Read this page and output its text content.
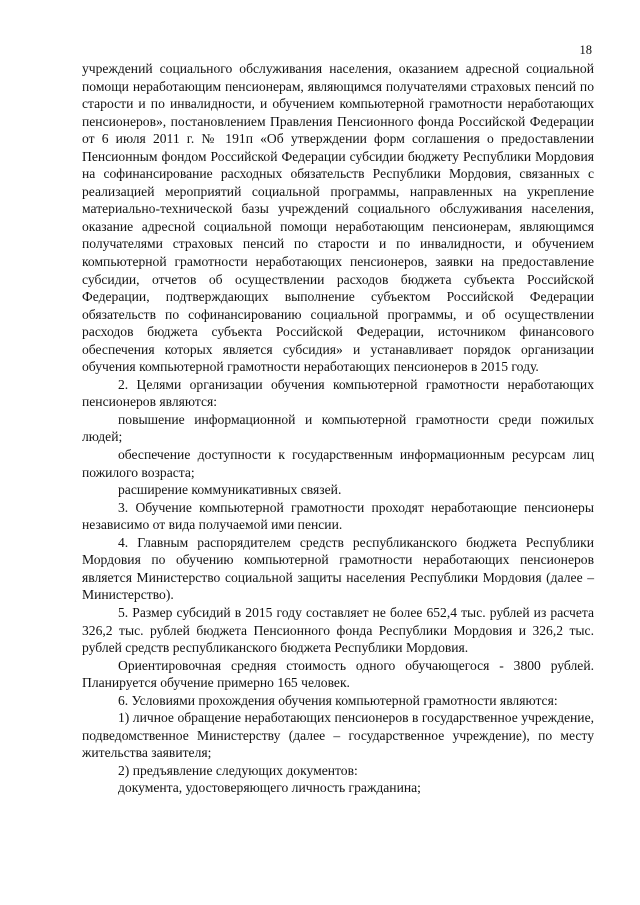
18

учреждений социального обслуживания населения, оказанием адресной социальной помощи неработающим пенсионерам, являющимся получателями страховых пенсий по старости и по инвалидности, и обучением компьютерной грамотности неработающих пенсионеров», постановлением Правления Пенсионного фонда Российской Федерации от 6 июля 2011 г. № 191п «Об утверждении форм соглашения о предоставлении Пенсионным фондом Российской Федерации субсидии бюджету Республики Мордовия на софинансирование расходных обязательств Республики Мордовия, связанных с реализацией мероприятий социальной программы, направленных на укрепление материально-технической базы учреждений социального обслуживания населения, оказание адресной социальной помощи неработающим пенсионерам, являющимся получателями страховых пенсий по старости и по инвалидности, и обучением компьютерной грамотности неработающих пенсионеров, заявки на предоставление субсидии, отчетов об осуществлении расходов бюджета субъекта Российской Федерации, подтверждающих выполнение субъектом Российской Федерации обязательств по софинансированию социальной программы, и об осуществлении расходов бюджета субъекта Российской Федерации, источником финансового обеспечения которых является субсидия» и устанавливает порядок организации обучения компьютерной грамотности неработающих пенсионеров в 2015 году.

2. Целями организации обучения компьютерной грамотности неработающих пенсионеров являются:

повышение информационной и компьютерной грамотности среди пожилых людей;

обеспечение доступности к государственным информационным ресурсам лиц пожилого возраста;

расширение коммуникативных связей.

3. Обучение компьютерной грамотности проходят неработающие пенсионеры независимо от вида получаемой ими пенсии.

4. Главным распорядителем средств республиканского бюджета Республики Мордовия по обучению компьютерной грамотности неработающих пенсионеров является Министерство социальной защиты населения Республики Мордовия (далее – Министерство).

5. Размер субсидий в 2015 году составляет не более 652,4 тыс. рублей из расчета 326,2 тыс. рублей бюджета Пенсионного фонда Республики Мордовия и 326,2 тыс. рублей средств республиканского бюджета Республики Мордовия.

Ориентировочная средняя стоимость одного обучающегося - 3800 рублей. Планируется обучение примерно 165 человек.

6. Условиями прохождения обучения компьютерной грамотности являются:

1) личное обращение неработающих пенсионеров в государственное учреждение, подведомственное Министерству (далее – государственное учреждение), по месту жительства заявителя;

2) предъявление следующих документов:

документа, удостоверяющего личность гражданина;
